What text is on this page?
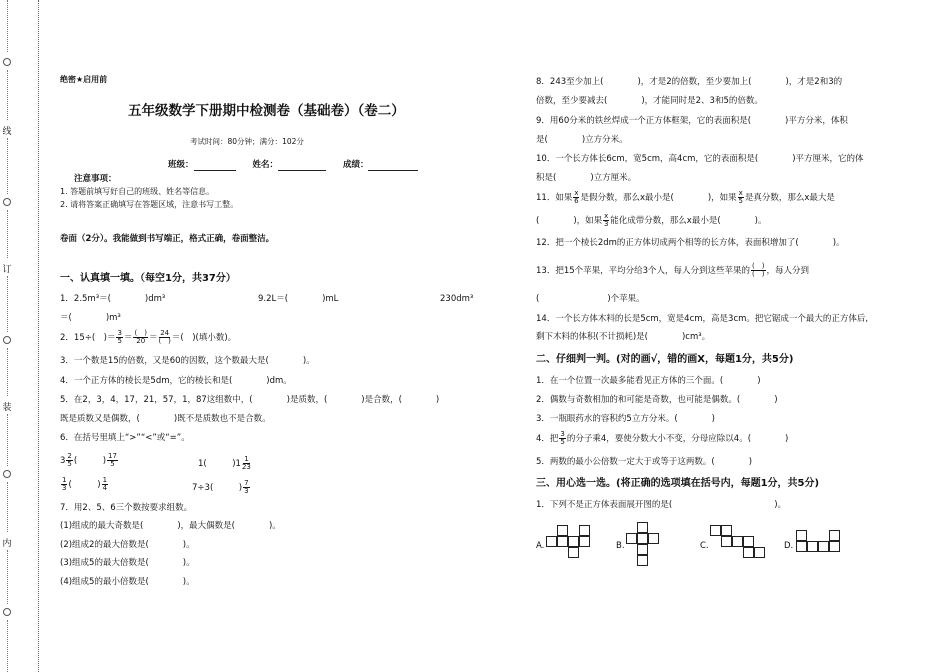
线
订
装
内
绝密★启用前
五年级数学下册期中检测卷（基础卷）（卷二）
考试时间：80分钟；满分：102分
班级：	姓名：	成绩：
注意事项：
1. 答题前填写好自己的班级、姓名等信息。
2. 请将答案正确填写在答题区域，注意书写工整。
卷面（2分）。我能做到书写端正，格式正确，卷面整洁。
一、认真填一填。（每空1分，共37分）
1．2.5m³＝(　　　　)dm³	9.2L＝(　　　　)mL	230dm³
＝(　　　　)m³
2．15÷(　)＝ $\frac{3}{5} = \frac{( )}{20} = \frac{24}{( )}$ ＝(　)(填小数)。
3．一个数是15的倍数，又是60的因数，这个数最大是(　　　　)。
4．一个正方体的棱长是5dm，它的棱长和是(　　　　)dm。
5．在2，3，4，17，21，57，1，87这组数中，(　　　　)是质数，(　　　　)是合数，(　　　　)
既是质数又是偶数，(　　　　)既不是质数也不是合数。
6．在括号里填上“>”“<”或“=”。
$3 \frac{2}{5}$ (　　　) $\frac{17}{5}$	1(　　　)$1 \frac{1}{23}$
$\frac{1}{3}$ (　　　) $\frac{1}{4}$	7÷3(　　　) $\frac{7}{3}$
7．用2、5、6三个数按要求组数。
(1)组成的最大奇数是(　　　　)，最大偶数是(　　　　)。
(2)组成2的最大倍数是(　　　　)。
(3)组成5的最大倍数是(　　　　)。
(4)组成5的最小倍数是(　　　　)。
8．243至少加上(　　　　)，才是2的倍数，至少要加上(　　　　)，才是2和3的
倍数，至少要减去(　　　　)，才能同时是2、3和5的倍数。
9．用60分米的铁丝焊成一个正方体框架，它的表面积是(　　　　)平方分米，体积
是(　　　　)立方分米。
10．一个长方体长6cm，宽5cm，高4cm，它的表面积是(　　　　)平方厘米，它的体
积是(　　　　)立方厘米。
11．如果 $\frac{x}{6}$ 是假分数，那么x最小是(　　　　)，如果 $\frac{x}{5}$ 是真分数，那么x最大是
(　　　　)，如果 $\frac{x}{3}$ 能化成带分数，那么x最小是(　　　　)。
12．把一个棱长2dm的正方体切成两个相等的长方体，表面积增加了(　　　　)。
13．把15个苹果，平均分给3个人，每人分到这些苹果的 $\frac{( )}{( )}$ ，每人分到
(　　　　　　　　)个苹果。
14．一个长方体木料的长是5cm，宽是4cm，高是3cm。把它锯成一个最大的正方体后,
剩下木料的体积(不计损耗)是(　　　　)cm³。
二、仔细判一判。(对的画√，错的画X，每题1分，共5分)
1．在一个位置一次最多能看见正方体的三个面。(　　　　)
2．偶数与奇数相加的和可能是奇数，也可能是偶数。(　　　　)
3．一瓶眼药水的容积约5立方分米。(　　　　)
4．把 $\frac{3}{5}$ 的分子乘4，要使分数大小不变，分母应除以4。(　　　　)
5．两数的最小公倍数一定大于或等于这两数。(　　　　)
三、用心选一选。(将正确的选项填在括号内，每题1分，共5分)
1．下列不是正方体表面展开图的是(　　　　　　　　　　　　)。
A.	B.	C.	D.
